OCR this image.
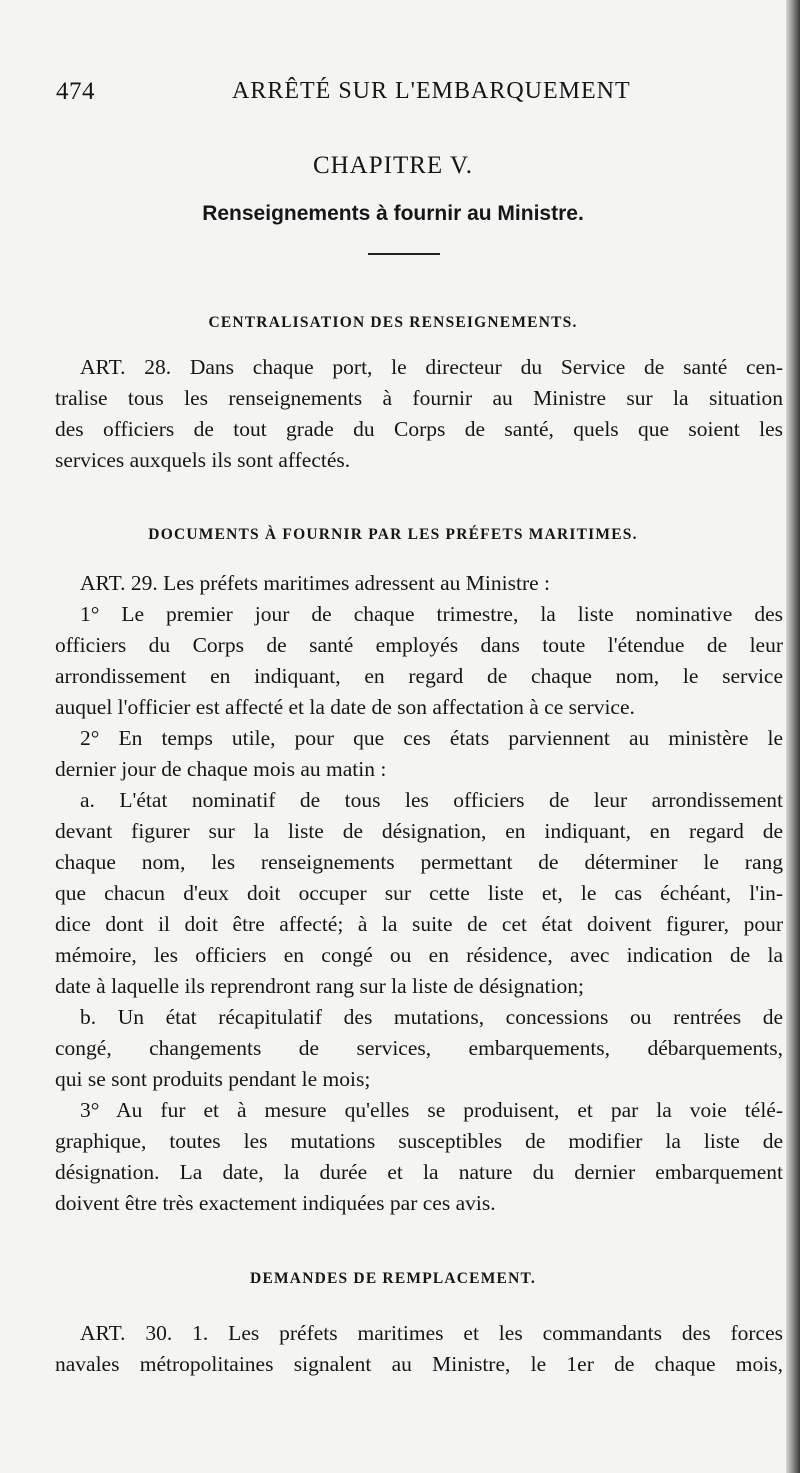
474	ARRÊTÉ SUR L'EMBARQUEMENT
CHAPITRE V.
Renseignements à fournir au Ministre.
CENTRALISATION DES RENSEIGNEMENTS.
ART. 28. Dans chaque port, le directeur du Service de santé cen-
tralise tous les renseignements à fournir au Ministre sur la situation
des officiers de tout grade du Corps de santé, quels que soient les
services auxquels ils sont affectés.
DOCUMENTS À FOURNIR PAR LES PRÉFETS MARITIMES.
ART. 29. Les préfets maritimes adressent au Ministre :
1° Le premier jour de chaque trimestre, la liste nominative des
officiers du Corps de santé employés dans toute l'étendue de leur
arrondissement en indiquant, en regard de chaque nom, le service
auquel l'officier est affecté et la date de son affectation à ce service.
2° En temps utile, pour que ces états parviennent au ministère le
dernier jour de chaque mois au matin :
a. L'état nominatif de tous les officiers de leur arrondissement
devant figurer sur la liste de désignation, en indiquant, en regard de
chaque nom, les renseignements permettant de déterminer le rang
que chacun d'eux doit occuper sur cette liste et, le cas échéant, l'in-
dice dont il doit être affecté; à la suite de cet état doivent figurer, pour
mémoire, les officiers en congé ou en résidence, avec indication de la
date à laquelle ils reprendront rang sur la liste de désignation;
b. Un état récapitulatif des mutations, concessions ou rentrées de
congé, changements de services, embarquements, débarquements,
qui se sont produits pendant le mois;
3° Au fur et à mesure qu'elles se produisent, et par la voie télé-
graphique, toutes les mutations susceptibles de modifier la liste de
désignation. La date, la durée et la nature du dernier embarquement
doivent être très exactement indiquées par ces avis.
DEMANDES DE REMPLACEMENT.
ART. 30. 1. Les préfets maritimes et les commandants des forces
navales métropolitaines signalent au Ministre, le 1er de chaque mois,
